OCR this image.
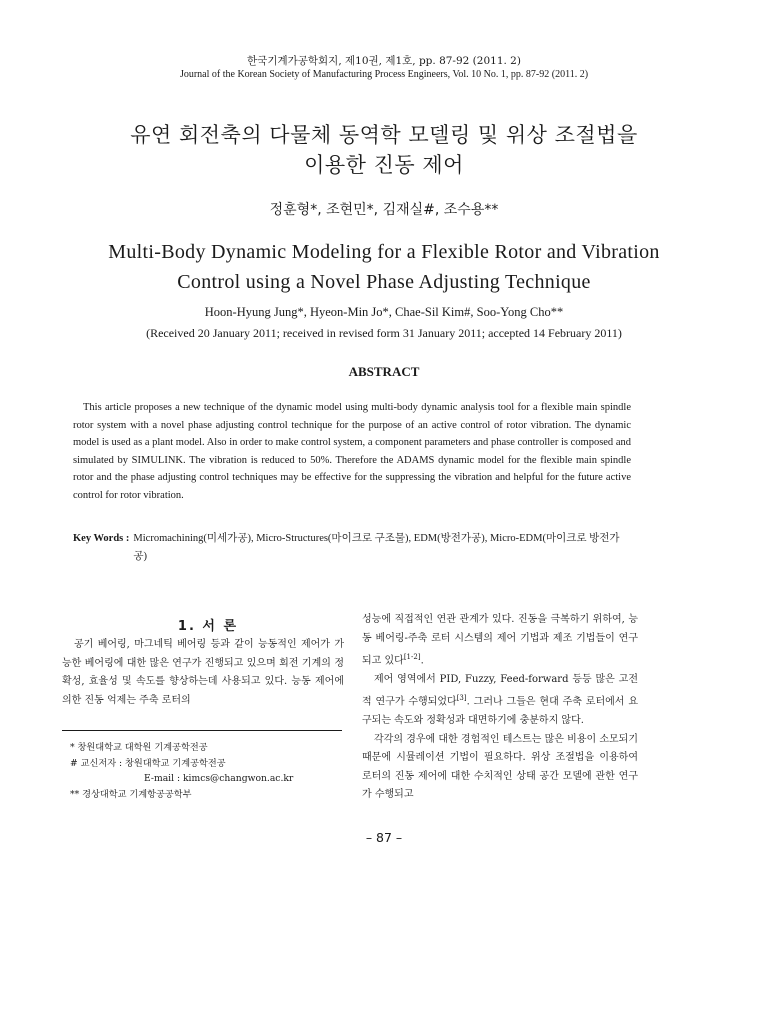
한국기계가공학회지, 제10권, 제1호, pp. 87-92 (2011. 2)
Journal of the Korean Society of Manufacturing Process Engineers, Vol. 10 No. 1, pp. 87-92 (2011. 2)
유연 회전축의 다물체 동역학 모델링 및 위상 조절법을
이용한 진동 제어
정훈형*, 조현민*, 김재실#, 조수용**
Multi-Body Dynamic Modeling for a Flexible Rotor and Vibration
Control using a Novel Phase Adjusting Technique
Hoon-Hyung Jung*, Hyeon-Min Jo*, Chae-Sil Kim#, Soo-Yong Cho**
(Received 20 January 2011; received in revised form 31 January 2011; accepted 14 February 2011)
ABSTRACT
This article proposes a new technique of the dynamic model using multi-body dynamic analysis tool for a flexible main spindle rotor system with a novel phase adjusting control technique for the purpose of an active control of rotor vibration. The dynamic model is used as a plant model. Also in order to make control system, a component parameters and phase controller is composed and simulated by SIMULINK. The vibration is reduced to 50%. Therefore the ADAMS dynamic model for the flexible main spindle rotor and the phase adjusting control techniques may be effective for the suppressing the vibration and helpful for the future active control for rotor vibration.
Key Words : Micromachining(미세가공), Micro-Structures(마이크로 구조물), EDM(방전가공), Micro-EDM(마이크로 방전가공)
1. 서 론

공기 베어링, 마그네틱 베어링 등과 같이 능동적인 제어가 가능한 베어링에 대한 많은 연구가 진행되고 있으며 회전 기계의 정확성, 효율성 및 속도를 향상하는데 사용되고 있다. 능동 제어에 의한 진동 억제는 주축 로터의

* 창원대학교 대학원 기계공학전공
# 교신저자 : 창원대학교 기계공학전공
E-mail : kimcs@changwon.ac.kr
** 경상대학교 기계항공공학부

성능에 직접적인 연관 관계가 있다. 진동을 극복하기 위하여, 능동 베어링-주축 로터 시스템의 제어 기법과 제조 기법들이 연구되고 있다[1-2].

제어 영역에서 PID, Fuzzy, Feed-forward 등등 많은 고전적 연구가 수행되었다[3]. 그러나 그들은 현대 주축 로터에서 요구되는 속도와 정확성과 대면하기에 충분하지 않다.

각각의 경우에 대한 경험적인 테스트는 많은 비용이 소모되기 때문에 시뮬레이션 기법이 필요하다. 위상 조절법을 이용하여 로터의 진동 제어에 대한 수치적인 상태 공간 모델에 관한 연구가 수행되고

– 87 –
